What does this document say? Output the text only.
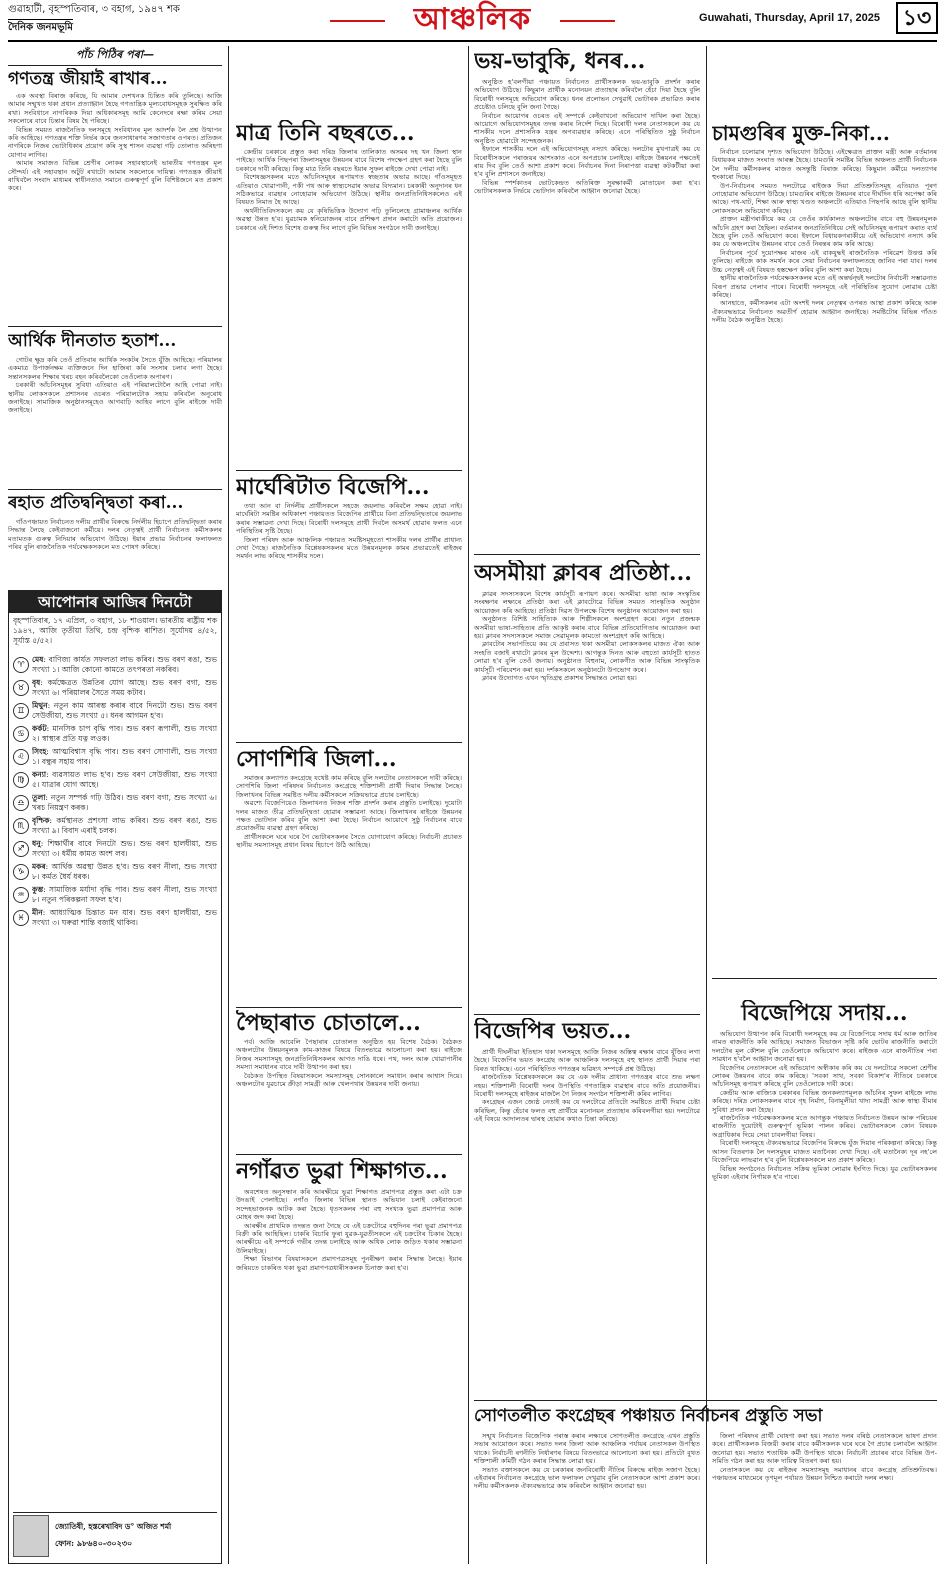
গুৱাহাটী, বৃহস্পতিবাৰ, ৩ বহাগ, ১৯৪৭ শক
দৈনিক জনমভূমি	আঞ্চলিক	Guwahati, Thursday, April 17, 2025	১৩
পাঁচ পিঠিৰ পৰা—
গণতন্ত্ৰ জীয়াই ৰাখাৰ...

এক অবস্থা বিৰাজ কৰিছে, যি আমাৰ দেশখনক চিন্তিত কৰি তুলিছে। আজি আমাৰ সন্মুখত থকা প্ৰধান প্ৰত্যাহ্বান হৈছে গণতান্ত্ৰিক মূল্যবোধসমূহক সুৰক্ষিত কৰি ৰখা। সংবিধানে নাগৰিকক দিয়া অধিকাৰসমূহ আমি কেনেদৰে ৰক্ষা কৰিম সেয়া সকলোৰে বাবে চিন্তাৰ বিষয় হৈ পৰিছে।

বিভিন্ন সময়ত ৰাজনৈতিক দলসমূহে সংবিধানৰ মূল আদৰ্শক লৈ প্ৰশ্ন উত্থাপন কৰি আহিছে। গণতন্ত্ৰৰ শক্তি নিৰ্ভৰ কৰে জনসাধাৰণৰ সজাগতাৰ ওপৰত। প্ৰতিজন নাগৰিকে নিজৰ ভোটাধিকাৰ প্ৰয়োগ কৰি সুস্থ শাসন ব্যৱস্থা গঢ়ি তোলাত অৰিহণা যোগাব লাগিব।

আমাৰ সমাজত বিভিন্ন শ্ৰেণীৰ লোকৰ সহাবস্থানেই ভাৰতীয় গণতন্ত্ৰৰ মূল সৌন্দৰ্য। এই সহাবস্থান অটুট ৰখাটো আমাৰ সকলোৰে দায়িত্ব। গণতন্ত্ৰক জীয়াই ৰাখিবলৈ সংবাদ মাধ্যমৰ স্বাধীনতাও সমানে গুৰুত্বপূৰ্ণ বুলি বিশিষ্টজনে মত প্ৰকাশ কৰে।

আৰ্থিক দীনতাত হতাশ...

গোটৰ ক্ষুদ্ৰ কৰি তেওঁ প্ৰতিবাৰ আৰ্থিক সংকটৰ সৈতে যুঁজি আহিছে। পৰিয়ালৰ একমাত্ৰ উপাৰ্জনক্ষম ব্যক্তিজনে দিন হাজিৰা কৰি সংসাৰ চলাব লগা হৈছে। সন্তানসকলৰ শিক্ষাৰ খৰচ বহন কৰিবলৈকো তেওঁলোক অপাৰগ।

চৰকাৰী আঁচনিসমূহৰ সুবিধা এতিয়াও এই পৰিয়ালটোলৈ আহি পোৱা নাই। স্থানীয় লোকসকলে প্ৰশাসনৰ ওচৰত পৰিয়ালটোক সহায় কৰিবলৈ অনুৰোধ জনাইছে। সামাজিক অনুষ্ঠানসমূহেও আগবাঢ়ি আহিব লাগে বুলি ৰাইজে দাবী জনাইছে।

ৰহাত প্ৰতিদ্বন্দ্বিতা কৰা...

গাঁওপঞ্চায়ত নিৰ্বাচনত দলীয় প্ৰাৰ্থীৰ বিৰুদ্ধে নিৰ্দলীয় হিচাপে প্ৰতিদ্বন্দ্বিতা কৰাৰ সিদ্ধান্ত লৈছে কেইবাজনো কৰ্মীয়ে। দলৰ নেতৃত্বই প্ৰাৰ্থী নিৰ্বাচনত কৰ্মীসকলৰ মতামতক গুৰুত্ব নিদিয়াৰ অভিযোগ উঠিছে। ইয়াৰ প্ৰভাৱ নিৰ্বাচনৰ ফলাফলত পৰিব বুলি ৰাজনৈতিক পৰ্যবেক্ষকসকলে মত পোষণ কৰিছে।

আপোনাৰ আজিৰ দিনটো
বৃহস্পতিবাৰ, ১৭ এপ্ৰিল, ৩ বহাগ, ১৮ শাওয়াল। ভাৰতীয় ৰাষ্ট্ৰীয় শক ১৯৪৭, আজি তৃতীয়া তিথি, চন্দ্ৰ বৃশ্চিক ৰাশিত। সূৰ্যোদয় ৪/৫২, সূৰ্যাস্ত ৫/৫২।
♈
মেষ: বাণিজ্য কাৰ্যত সফলতা লাভ কৰিব। শুভ বৰণ ৰঙা, শুভ সংখ্যা ১। আজি কোনো কামতে তৎপৰতা নকৰিব।
♉
বৃষ: কৰ্মক্ষেত্ৰত উন্নতিৰ যোগ আছে। শুভ বৰণ বগা, শুভ সংখ্যা ৬। পৰিয়ালৰ সৈতে সময় কটাব।
♊
মিথুন: নতুন কাম আৰম্ভ কৰাৰ বাবে দিনটো শুভ। শুভ বৰণ সেউজীয়া, শুভ সংখ্যা ৫। ধনৰ আগমন হ'ব।
♋
কৰ্কট: মানসিক চাপ বৃদ্ধি পাব। শুভ বৰণ ৰূপালী, শুভ সংখ্যা ২। স্বাস্থ্যৰ প্ৰতি যত্ন লওক।
♌
সিংহ: আত্মবিশ্বাস বৃদ্ধি পাব। শুভ বৰণ সোণালী, শুভ সংখ্যা ১। বন্ধুৰ সহায় পাব।
♍
কন্যা: ব্যৱসায়ত লাভ হ'ব। শুভ বৰণ সেউজীয়া, শুভ সংখ্যা ৫। যাত্ৰাৰ যোগ আছে।
♎
তুলা: নতুন সম্পৰ্ক গঢ়ি উঠিব। শুভ বৰণ বগা, শুভ সংখ্যা ৬। খৰচ নিয়ন্ত্ৰণ কৰক।
♏
বৃশ্চিক: কৰ্মস্থানত প্ৰশংসা লাভ কৰিব। শুভ বৰণ ৰঙা, শুভ সংখ্যা ৯। বিবাদ এৰাই চলক।
♐
ধনু: শিক্ষাৰ্থীৰ বাবে দিনটো শুভ। শুভ বৰণ হালধীয়া, শুভ সংখ্যা ৩। ধৰ্মীয় কামত অংশ লব।
♑
মকৰ: আৰ্থিক অৱস্থা উন্নত হ'ব। শুভ বৰণ নীলা, শুভ সংখ্যা ৮। কৰ্মত ধৈৰ্য ধৰক।
♒
কুম্ভ: সামাজিক মৰ্যাদা বৃদ্ধি পাব। শুভ বৰণ নীলা, শুভ সংখ্যা ৮। নতুন পৰিকল্পনা সফল হ'ব।
♓
মীন: আধ্যাত্মিক চিন্তাত মন যাব। শুভ বৰণ হালধীয়া, শুভ সংখ্যা ৩। ঘৰুৱা শান্তি বজাই থাকিব।
জ্যোতিষী, হস্তৰেখাবিদ ড° অজিত শৰ্মা
ফোন: ৯৮৬৪০-৩০২৩০
মাত্ৰ তিনি বছৰতে...

কেন্দ্ৰীয় চৰকাৰে প্ৰস্তুত কৰা দৰিদ্ৰ জিলাৰ তালিকাত অসমৰ দহ খন জিলা স্থান পাইছে। আৰ্থিক পিছপৰা জিলাসমূহৰ উন্নয়নৰ বাবে বিশেষ পদক্ষেপ গ্ৰহণ কৰা হৈছে বুলি চৰকাৰে দাবী কৰিছে। কিন্তু মাত্ৰ তিনি বছৰতে ইয়াৰ সুফল ৰাইজে দেখা পোৱা নাই।

বিশেষজ্ঞসকলৰ মতে আঁচনিসমূহৰ ৰূপায়ণত স্বচ্ছতাৰ অভাৱ আছে। গাঁওসমূহত এতিয়াও খোৱাপানী, পকী পথ আৰু স্বাস্থ্যসেৱাৰ অভাৱ বিদ্যমান। চৰকাৰী অনুদানৰ ধন সঠিকভাৱে ব্যৱহাৰ নোহোৱাৰ অভিযোগ উঠিছে। স্থানীয় জনপ্ৰতিনিধিসকলেও এই বিষয়ত নিমাত হৈ আছে।

অৰ্থনীতিবিদসকলে কয় যে কৃষিভিত্তিক উদ্যোগ গঢ়ি তুলিলেহে গ্ৰামাঞ্চলৰ আৰ্থিক অৱস্থা উন্নত হ'ব। যুৱচামক স্বনিয়োজনৰ বাবে প্ৰশিক্ষণ প্ৰদান কৰাটো অতি প্ৰয়োজন। চৰকাৰে এই দিশত বিশেষ গুৰুত্ব দিব লাগে বুলি বিভিন্ন সংগঠনে দাবী জনাইছে।

মাৰ্ঘেৰিটাত বিজেপি...

তথা আন বা নিৰ্দলীয় প্ৰাৰ্থীসকলে সহজে জয়লাভ কৰিবলৈ সক্ষম হোৱা নাই। মাৰ্ঘেৰিটা সমষ্টিৰ অধিকাংশ পঞ্চায়তত বিজেপিৰ প্ৰাৰ্থীয়ে বিনা প্ৰতিদ্বন্দ্বিতাৰে জয়লাভ কৰাৰ সম্ভাৱনা দেখা দিছে। বিৰোধী দলসমূহে প্ৰাৰ্থী দিবলৈ অসমৰ্থ হোৱাৰ ফলত এনে পৰিস্থিতিৰ সৃষ্টি হৈছে।

জিলা পৰিষদ আৰু আঞ্চলিক পঞ্চায়ত সমষ্টিসমূহতো শাসকীয় দলৰ প্ৰাৰ্থীৰ প্ৰাধান্য দেখা গৈছে। ৰাজনৈতিক বিশ্লেষকসকলৰ মতে উন্নয়নমূলক কামৰ প্ৰভাৱতেই ৰাইজৰ সমৰ্থন লাভ কৰিছে শাসকীয় দলে।

সোণশিৰি জিলা...

সমাজৰ কল্যাণত কংগ্ৰেছে যথেষ্ট কাম কৰিছে বুলি দলটোৰ নেতাসকলে দাবী কৰিছে। সোণশিৰি জিলা পৰিষদৰ নিৰ্বাচনত কংগ্ৰেছে শক্তিশালী প্ৰাৰ্থী দিয়াৰ সিদ্ধান্ত লৈছে। জিলাখনৰ বিভিন্ন সমষ্টিত দলীয় কৰ্মীসকলে সক্ৰিয়ভাৱে প্ৰচাৰ চলাইছে।

অৱশ্যে বিজেপিয়েও জিলাখনত নিজৰ শক্তি প্ৰদৰ্শন কৰাৰ প্ৰস্তুতি চলাইছে। দুয়োটা দলৰ মাজত তীব্ৰ প্ৰতিদ্বন্দ্বিতা হোৱাৰ সম্ভাৱনা আছে। জিলাখনৰ ৰাইজে উন্নয়নৰ পক্ষত ভোটদান কৰিব বুলি আশা কৰা হৈছে। নিৰ্বাচন আয়োগে সুষ্ঠু নিৰ্বাচনৰ বাবে প্ৰয়োজনীয় ব্যৱস্থা গ্ৰহণ কৰিছে।

প্ৰাৰ্থীসকলে ঘৰে ঘৰে গৈ ভোটাৰসকলৰ সৈতে যোগাযোগ কৰিছে। নিৰ্বাচনী প্ৰচাৰত স্থানীয় সমস্যাসমূহ প্ৰধান বিষয় হিচাপে উঠি আহিছে।

পৈছাৰাত চোতালে...

পৰ্ব। আজি আবেলি পৈছাৰাৰ চোতালত অনুষ্ঠিত হয় বিশেষ বৈঠক। বৈঠকত অঞ্চলটোৰ উন্নয়নমূলক কাম-কাজৰ বিষয়ে বিতংভাৱে আলোচনা কৰা হয়। ৰাইজে নিজৰ সমস্যাসমূহ জনপ্ৰতিনিধিসকলৰ আগত দাঙি ধৰে। পথ, দলং আৰু খোৱাপানীৰ সমস্যা সমাধানৰ বাবে দাবী উত্থাপন কৰা হয়।

বৈঠকত উপস্থিত বিষয়াসকলে সমস্যাসমূহ সোনকালে সমাধান কৰাৰ আশ্বাস দিয়ে। অঞ্চলটোৰ যুৱচামে ক্ৰীড়া সামগ্ৰী আৰু খেলপথাৰ উন্নয়নৰ দাবী জনায়।

নগাঁৱত ভুৱা শিক্ষাগত...

অবশেষত অনুসন্ধান কৰি আৰক্ষীয়ে ভুৱা শিক্ষাগত প্ৰমাণপত্ৰ প্ৰস্তুত কৰা এটা চক্ৰ উদঙাই পেলাইছে। নগাঁও জিলাৰ বিভিন্ন স্থানত অভিযান চলাই কেইবাজনো সন্দেহভাজনক আটক কৰা হৈছে। ধৃতসকলৰ পৰা বহু সংখ্যক ভুৱা প্ৰমাণপত্ৰ আৰু মোহৰ জব্দ কৰা হৈছে।

আৰক্ষীৰ প্ৰাথমিক তদন্তত জনা গৈছে যে এই চক্ৰটোৱে বহুদিনৰ পৰা ভুৱা প্ৰমাণপত্ৰ বিক্ৰী কৰি আহিছিল। চাকৰি বিচাৰি ফুৰা যুৱক-যুৱতীসকলে এই চক্ৰটোৰ চিকাৰ হৈছে। আৰক্ষীয়ে এই সম্পৰ্কে গভীৰ তদন্ত চলাইছে আৰু অধিক লোক জড়িত থকাৰ সম্ভাৱনা উলিয়াইছে।

শিক্ষা বিভাগৰ বিষয়াসকলে প্ৰমাণপত্ৰসমূহ পুনৰীক্ষণ কৰাৰ সিদ্ধান্ত লৈছে। ইয়াৰ জৰিয়তে চাকৰিত থকা ভুৱা প্ৰমাণপত্ৰধাৰীসকলক চিনাক্ত কৰা হ'ব।

ভয়-ভাবুকি, ধনৰ...

অনুষ্ঠিত হ'বলগীয়া পঞ্চায়ত নিৰ্বাচনত প্ৰাৰ্থীসকলক ভয়-ভাবুকি প্ৰদৰ্শন কৰাৰ অভিযোগ উঠিছে। কিছুমান প্ৰাৰ্থীক মনোনয়ন প্ৰত্যাহাৰ কৰিবলৈ হেঁচা দিয়া হৈছে বুলি বিৰোধী দলসমূহে অভিযোগ কৰিছে। ধনৰ প্ৰলোভন দেখুৱাই ভোটাৰক প্ৰভাৱিত কৰাৰ প্ৰচেষ্টাও চলিছে বুলি জনা গৈছে।

নিৰ্বাচন আয়োগৰ ওচৰত এই সম্পৰ্কে কেইবাখনো অভিযোগ দাখিল কৰা হৈছে। আয়োগে অভিযোগসমূহৰ তদন্ত কৰাৰ নিৰ্দেশ দিছে। বিৰোধী দলৰ নেতাসকলে কয় যে শাসকীয় দলে প্ৰশাসনিক যন্ত্ৰৰ অপব্যৱহাৰ কৰিছে। এনে পৰিস্থিতিত সুষ্ঠু নিৰ্বাচন অনুষ্ঠিত হোৱাটো সন্দেহজনক।

ইফালে শাসকীয় দলে এই অভিযোগসমূহ নস্যাৎ কৰিছে। দলটোৰ মুখপাত্ৰই কয় যে বিৰোধীসকলে পৰাজয়ৰ আশংকাত এনে অপপ্ৰচাৰ চলাইছে। ৰাইজে উন্নয়নৰ পক্ষতেই ৰায় দিব বুলি তেওঁ আশা প্ৰকাশ কৰে। নিৰ্বাচনৰ দিনা নিৰাপত্তা ব্যৱস্থা কটকটীয়া কৰা হ'ব বুলি প্ৰশাসনে জনাইছে।

বিভিন্ন স্পৰ্শকাতৰ ভোটকেন্দ্ৰত অতিৰিক্ত সুৰক্ষাকৰ্মী মোতায়েন কৰা হ'ব। ভোটাৰসকলক নিৰ্ভয়ে ভোটদান কৰিবলৈ আহ্বান জনোৱা হৈছে।

অসমীয়া ক্লাবৰ প্ৰতিষ্ঠা...

ক্লাৱৰ সদস্যসকলে বিশেষ কাৰ্যসূচী ৰূপায়ণ কৰে। অসমীয়া ভাষা আৰু সংস্কৃতিৰ সংৰক্ষণৰ লক্ষ্যৰে প্ৰতিষ্ঠা কৰা এই ক্লাবটোৱে বিভিন্ন সময়ত সাংস্কৃতিক অনুষ্ঠান আয়োজন কৰি আহিছে। প্ৰতিষ্ঠা দিৱস উপলক্ষে বিশেষ অনুষ্ঠানৰ আয়োজন কৰা হয়।

অনুষ্ঠানত বিশিষ্ট সাহিত্যিক আৰু শিল্পীসকলে অংশগ্ৰহণ কৰে। নতুন প্ৰজন্মক অসমীয়া ভাষা-সাহিত্যৰ প্ৰতি আকৃষ্ট কৰাৰ বাবে বিভিন্ন প্ৰতিযোগিতাৰ আয়োজন কৰা হয়। ক্লাবৰ সদস্যসকলে সমাজ সেৱামূলক কামতো অংশগ্ৰহণ কৰি আহিছে।

ক্লাবটোৰ সভাপতিয়ে কয় যে প্ৰবাসত থকা অসমীয়া লোকসকলৰ মাজত ঐক্য আৰু সংহতি বজাই ৰখাটো ক্লাবৰ মূল উদ্দেশ্য। আগন্তুক দিনত আৰু বহুতো কাৰ্যসূচী হাতত লোৱা হ'ব বুলি তেওঁ জনায়। অনুষ্ঠানত বিহুনাম, লোকগীত আৰু বিভিন্ন সাংস্কৃতিক কাৰ্যসূচী পৰিবেশন কৰা হয়। দৰ্শকসকলে অনুষ্ঠানটো উপভোগ কৰে।

ক্লাবৰ উদ্যোগত এখন স্মৃতিগ্ৰন্থ প্ৰকাশৰ সিদ্ধান্তও লোৱা হয়।

বিজেপিৰ ভয়ত...

প্ৰাৰ্থী দীঘলীয়া ইতিহাস থকা দলসমূহে আজি নিজৰ অস্তিত্ব ৰক্ষাৰ বাবে যুঁজিব লগা হৈছে। বিজেপিৰ ভয়ত কংগ্ৰেছ আৰু আঞ্চলিক দলসমূহে বহু স্থানত প্ৰাৰ্থী দিয়াৰ পৰা বিৰত থাকিছে। এনে পৰিস্থিতিত গণতন্ত্ৰৰ ভৱিষ্যৎ সম্পৰ্কে প্ৰশ্ন উঠিছে।

ৰাজনৈতিক বিশ্লেষকসকলে কয় যে এক দলীয় প্ৰাধান্য গণতন্ত্ৰৰ বাবে শুভ লক্ষণ নহয়। শক্তিশালী বিৰোধী দলৰ উপস্থিতি গণতান্ত্ৰিক ব্যৱস্থাৰ বাবে অতি প্ৰয়োজনীয়। বিৰোধী দলসমূহে ৰাইজৰ মাজলৈ গৈ নিজৰ সংগঠন শক্তিশালী কৰিব লাগিব।

কংগ্ৰেছৰ এজন জ্যেষ্ঠ নেতাই কয় যে দলটোৱে প্ৰতিটো সমষ্টিতে প্ৰাৰ্থী দিয়াৰ চেষ্টা কৰিছিল, কিন্তু হেঁচাৰ ফলত বহু প্ৰাৰ্থীয়ে মনোনয়ন প্ৰত্যাহাৰ কৰিবলগীয়া হয়। দলটোৱে এই বিষয়ে আদালতৰ দ্বাৰস্থ হোৱাৰ কথাও চিন্তা কৰিছে।

সোণতলীত কংগ্ৰেছৰ পঞ্চায়ত নিৰ্বাচনৰ প্ৰস্তুতি সভা

সন্মুখ নিৰ্বাচনত বিজেপিক পৰাস্ত কৰাৰ লক্ষ্যৰে সোণতলীত কংগ্ৰেছে এখন প্ৰস্তুতি সভাৰ আয়োজন কৰে। সভাত দলৰ জিলা আৰু আঞ্চলিক পৰ্যায়ৰ নেতাসকল উপস্থিত থাকে। নিৰ্বাচনী ৰণনীতি নিৰ্ধাৰণৰ বিষয়ে বিতংভাৱে আলোচনা কৰা হয়। প্ৰতিটো বুথত শক্তিশালী কমিটী গঠন কৰাৰ সিদ্ধান্ত লোৱা হয়।

সভাত বক্তাসকলে কয় যে চৰকাৰৰ জনবিৰোধী নীতিৰ বিৰুদ্ধে ৰাইজ সজাগ হৈছে। এইবাৰৰ নিৰ্বাচনত কংগ্ৰেছে ভাল ফলাফল দেখুৱাব বুলি নেতাসকলে আশা প্ৰকাশ কৰে। দলীয় কৰ্মীসকলক ঐক্যবদ্ধভাৱে কাম কৰিবলৈ আহ্বান জনোৱা হয়।

জিলা পৰিষদৰ প্ৰাৰ্থী ঘোষণা কৰা হয়। সভাত দলৰ বৰিষ্ঠ নেতাসকলে ভাষণ প্ৰদান কৰে। প্ৰাৰ্থীসকলক বিজয়ী কৰাৰ বাবে কৰ্মীসকলক ঘৰে ঘৰে গৈ প্ৰচাৰ চলাবলৈ আহ্বান জনোৱা হয়। সভাত শতাধিক কৰ্মী উপস্থিত থাকে। নিৰ্বাচনী প্ৰচাৰৰ বাবে বিভিন্ন উপ-সমিতি গঠন কৰা হয় আৰু দায়িত্ব বিতৰণ কৰা হয়।

নেতাসকলে কয় যে ৰাইজৰ সমস্যাসমূহ সমাধানৰ বাবে কংগ্ৰেছ প্ৰতিশ্ৰুতিবদ্ধ। পঞ্চায়তৰ মাধ্যমেৰে তৃণমূল পৰ্যায়ত উন্নয়ন নিশ্চিত কৰাটো দলৰ লক্ষ্য।

চামগুৰিৰ মুক্ত-নিকা...

নিৰ্বাচন চলোৱাৰ দৃশ্যত অভিযোগ উঠিছে। এইক্ষেত্ৰত প্ৰাক্তন মন্ত্ৰী আৰু বৰ্তমানৰ বিধায়কৰ মাজত সংঘাত আৰম্ভ হৈছে। চামগুৰি সমষ্টিৰ বিভিন্ন অঞ্চলত প্ৰাৰ্থী নিৰ্বাচনক লৈ দলীয় কৰ্মীসকলৰ মাজত অসন্তুষ্টি বিৰাজ কৰিছে। কিছুমান কৰ্মীয়ে দলত্যাগৰ হুংকাৰো দিছে।

উপ-নিৰ্বাচনৰ সময়ত দলটোৱে ৰাইজক দিয়া প্ৰতিশ্ৰুতিসমূহ এতিয়াও পূৰণ নোহোৱাৰ অভিযোগ উঠিছে। চামগুৰিৰ ৰাইজে উন্নয়নৰ বাবে দীৰ্ঘদিন ধৰি অপেক্ষা কৰি আছে। পথ-ঘাট, শিক্ষা আৰু স্বাস্থ্য খণ্ডত অঞ্চলটো এতিয়াও পিছপৰি আছে বুলি স্থানীয় লোকসকলে অভিযোগ কৰিছে।

প্ৰাক্তন মন্ত্ৰীগৰাকীয়ে কয় যে তেওঁৰ কাৰ্যকালত অঞ্চলটোৰ বাবে বহু উন্নয়নমূলক আঁচনি গ্ৰহণ কৰা হৈছিল। বৰ্তমানৰ জনপ্ৰতিনিধিয়ে সেই আঁচনিসমূহ ৰূপায়ণ কৰাত ব্যৰ্থ হৈছে বুলি তেওঁ অভিযোগ কৰে। ইফালে বিধায়কগৰাকীয়ে এই অভিযোগ নস্যাৎ কৰি কয় যে অঞ্চলটোৰ উন্নয়নৰ বাবে তেওঁ নিৰন্তৰ কাম কৰি আছে।

নিৰ্বাচনৰ পূৰ্বে দুয়োপক্ষৰ মাজৰ এই বাকযুদ্ধই ৰাজনৈতিক পৰিৱেশ উত্তপ্ত কৰি তুলিছে। ৰাইজে কাক সমৰ্থন কৰে সেয়া নিৰ্বাচনৰ ফলাফলতহে জানিব পৰা যাব। দলৰ উচ্চ নেতৃত্বই এই বিষয়ত হস্তক্ষেপ কৰিব বুলি আশা কৰা হৈছে।

স্থানীয় ৰাজনৈতিক পৰ্যবেক্ষকসকলৰ মতে এই অন্তৰ্দ্বন্দ্বই দলটোৰ নিৰ্বাচনী সম্ভাৱনাত বিৰূপ প্ৰভাৱ পেলাব পাৰে। বিৰোধী দলসমূহে এই পৰিস্থিতিৰ সুযোগ লোৱাৰ চেষ্টা কৰিছে।

আনহাতে, কৰ্মীসকলৰ এটা অংশই দলৰ নেতৃত্বৰ ওপৰত আস্থা প্ৰকাশ কৰিছে আৰু ঐক্যবদ্ধভাৱে নিৰ্বাচনত অৱতীৰ্ণ হোৱাৰ আহ্বান জনাইছে। সমষ্টিটোৰ বিভিন্ন গাঁওত দলীয় বৈঠক অনুষ্ঠিত হৈছে।

বিজেপিয়ে সদায়...

অভিযোগ উত্থাপন কৰি বিৰোধী দলসমূহে কয় যে বিজেপিয়ে সদায় ধৰ্ম আৰু জাতিৰ নামত ৰাজনীতি কৰি আহিছে। সমাজত বিভাজন সৃষ্টি কৰি ভোটৰ ৰাজনীতি কৰাটো দলটোৰ মূল কৌশল বুলি তেওঁলোকে অভিযোগ কৰে। ৰাইজক এনে ৰাজনীতিৰ পৰা সাৱধান হ'বলৈ আহ্বান জনোৱা হয়।

বিজেপিৰ নেতাসকলে এই অভিযোগ অস্বীকাৰ কৰি কয় যে দলটোৱে সকলো শ্ৰেণীৰ লোকৰ উন্নয়নৰ বাবে কাম কৰিছে। 'সবকা সাথ, সবকা বিকাশ'ৰ নীতিৰে চৰকাৰে আঁচনিসমূহ ৰূপায়ণ কৰিছে বুলি তেওঁলোকে দাবী কৰে।

কেন্দ্ৰীয় আৰু ৰাজ্যিক চৰকাৰৰ বিভিন্ন জনকল্যাণমূলক আঁচনিৰ সুফল ৰাইজে লাভ কৰিছে। দৰিদ্ৰ লোকসকলৰ বাবে গৃহ নিৰ্মাণ, বিনামূলীয়া খাদ্য সামগ্ৰী আৰু স্বাস্থ্য বীমাৰ সুবিধা প্ৰদান কৰা হৈছে।

ৰাজনৈতিক পৰ্যবেক্ষকসকলৰ মতে আগন্তুক পঞ্চায়ত নিৰ্বাচনত উন্নয়ন আৰু পৰিচয়ৰ ৰাজনীতি দুয়োটাই গুৰুত্বপূৰ্ণ ভূমিকা পালন কৰিব। ভোটাৰসকলে কোন বিষয়ক অগ্ৰাধিকাৰ দিয়ে সেয়া চাবলগীয়া বিষয়।

বিৰোধী দলসমূহে ঐক্যবদ্ধভাৱে বিজেপিৰ বিৰুদ্ধে যুঁজ দিয়াৰ পৰিকল্পনা কৰিছে। কিন্তু আসন বিতৰণক লৈ দলসমূহৰ মাজত মতানৈক্য দেখা দিছে। এই মতানৈক্য দূৰ নহ'লে বিজেপিয়ে লাভৱান হ'ব বুলি বিশ্লেষকসকলে মত প্ৰকাশ কৰিছে।

বিভিন্ন সংগঠনেও নিৰ্বাচনত সক্ৰিয় ভূমিকা লোৱাৰ ইংগিত দিছে। যুৱ ভোটাৰসকলৰ ভূমিকা এইবাৰ নিৰ্ণায়ক হ'ব পাৰে।
